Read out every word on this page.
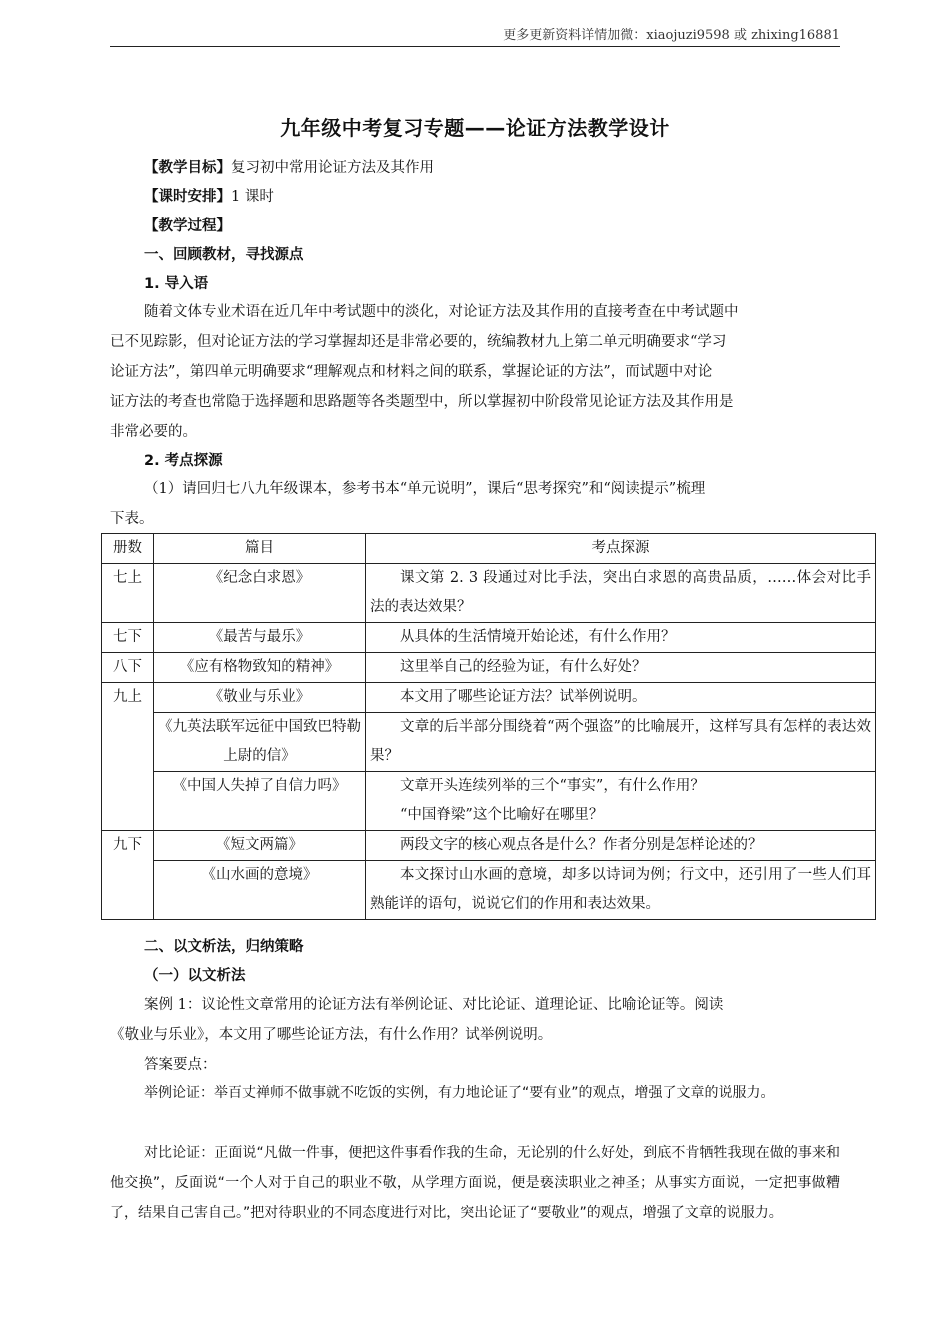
更多更新资料详情加微：xiaojuzi9598 或 zhixing16881
九年级中考复习专题——论证方法教学设计
【教学目标】复习初中常用论证方法及其作用
【课时安排】1 课时
【教学过程】
一、回顾教材，寻找源点
1. 导入语
随着文体专业术语在近几年中考试题中的淡化，对论证方法及其作用的直接考查在中考试题中
已不见踪影，但对论证方法的学习掌握却还是非常必要的，统编教材九上第二单元明确要求“学习
论证方法”，第四单元明确要求“理解观点和材料之间的联系，掌握论证的方法”，而试题中对论
证方法的考查也常隐于选择题和思路题等各类题型中，所以掌握初中阶段常见论证方法及其作用是
非常必要的。
2. 考点探源
（1）请回归七八九年级课本，参考书本“单元说明”，课后“思考探究”和“阅读提示”梳理
下表。
册数	篇目	考点探源
七上	《纪念白求恩》	课文第 2. 3 段通过对比手法，突出白求恩的高贵品质，……体会对比手法的表达效果？
七下	《最苦与最乐》	从具体的生活情境开始论述，有什么作用？
八下	《应有格物致知的精神》	这里举自己的经验为证，有什么好处？
九上	《敬业与乐业》	本文用了哪些论证方法？试举例说明。
	《九英法联军远征中国致巴特勒上尉的信》	文章的后半部分围绕着“两个强盗”的比喻展开，这样写具有怎样的表达效果？
	《中国人失掉了自信力吗》	文章开头连续列举的三个“事实”，有什么作用？
“中国脊梁”这个比喻好在哪里？

九下	《短文两篇》	两段文字的核心观点各是什么？作者分别是怎样论述的？
	《山水画的意境》	本文探讨山水画的意境，却多以诗词为例；行文中，还引用了一些人们耳熟能详的语句，说说它们的作用和表达效果。
二、以文析法，归纳策略
（一）以文析法
案例 1：议论性文章常用的论证方法有举例论证、对比论证、道理论证、比喻论证等。阅读
《敬业与乐业》，本文用了哪些论证方法，有什么作用？试举例说明。
答案要点：
举例论证：举百丈禅师不做事就不吃饭的实例，有力地论证了“要有业”的观点，增强了文章的说服力。
对比论证：正面说“凡做一件事，便把这件事看作我的生命，无论别的什么好处，到底不肯牺牲我现在做的事来和他交换”，反面说“一个人对于自己的职业不敬，从学理方面说，便是亵渎职业之神圣；从事实方面说，一定把事做糟了，结果自己害自己。”把对待职业的不同态度进行对比，突出论证了“要敬业”的观点，增强了文章的说服力。
